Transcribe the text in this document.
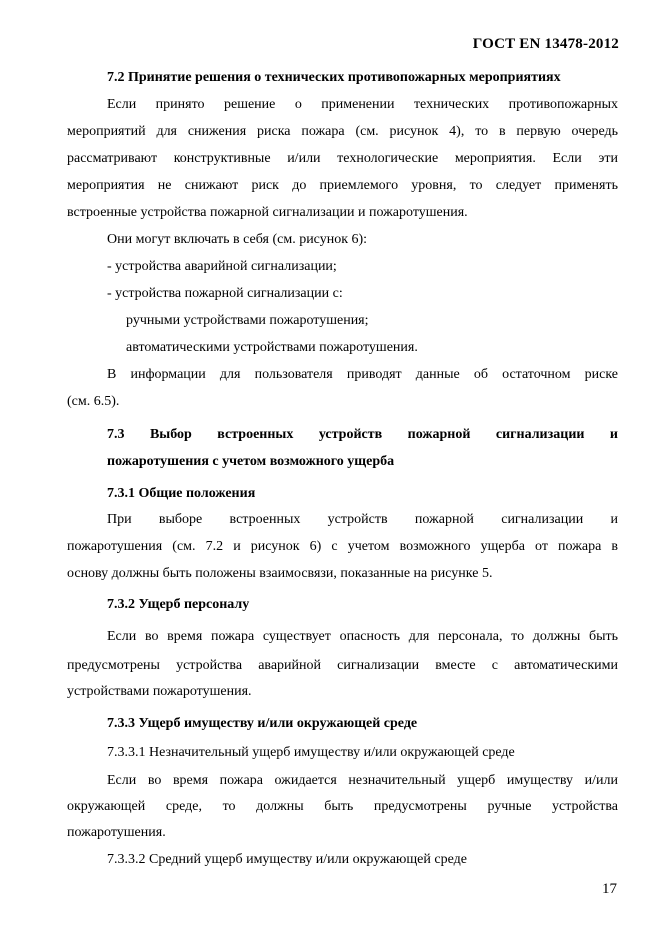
ГОСТ EN 13478-2012
7.2 Принятие решения о технических противопожарных мероприятиях
Если принято решение о применении технических противопожарных
мероприятий для снижения риска пожара (см. рисунок 4), то в первую очередь
рассматривают конструктивные и/или технологические мероприятия. Если эти
мероприятия не снижают риск до приемлемого уровня, то следует применять
встроенные устройства пожарной сигнализации и пожаротушения.
Они могут включать в себя (см. рисунок 6):
- устройства аварийной сигнализации;
- устройства пожарной сигнализации с:
ручными устройствами пожаротушения;
автоматическими устройствами пожаротушения.
В информации для пользователя приводят данные об остаточном риске
(см. 6.5).
7.3 Выбор встроенных устройств пожарной сигнализации и
пожаротушения с учетом возможного ущерба
7.3.1 Общие положения
При выборе встроенных устройств пожарной сигнализации и
пожаротушения (см. 7.2 и рисунок 6) с учетом возможного ущерба от пожара в
основу должны быть положены взаимосвязи, показанные на рисунке 5.
7.3.2 Ущерб персоналу
Если во время пожара существует опасность для персонала, то должны быть
предусмотрены устройства аварийной сигнализации вместе с автоматическими
устройствами пожаротушения.
7.3.3 Ущерб имуществу и/или окружающей среде
7.3.3.1 Незначительный ущерб имуществу и/или окружающей среде
Если во время пожара ожидается незначительный ущерб имуществу и/или
окружающей среде, то должны быть предусмотрены ручные устройства
пожаротушения.
7.3.3.2 Средний ущерб имуществу и/или окружающей среде
17
